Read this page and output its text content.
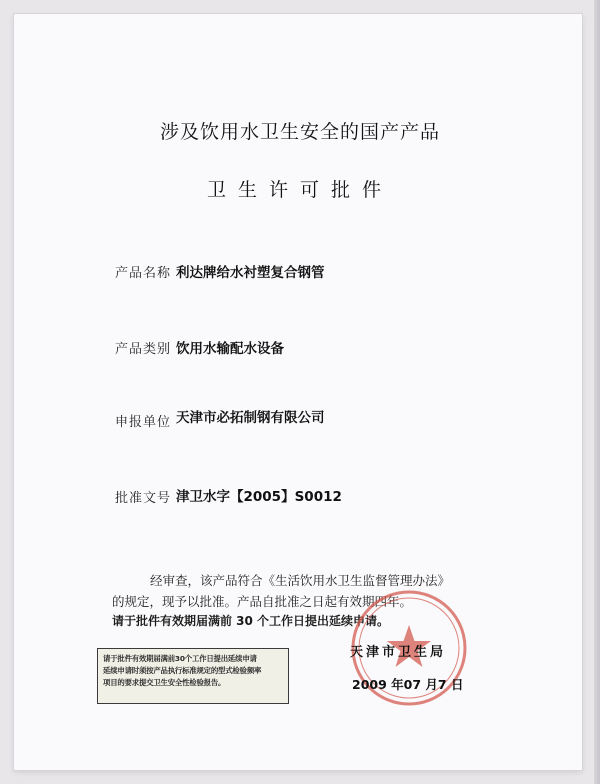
涉及饮用水卫生安全的国产产品
卫生许可批件
产品名称 利达牌给水衬塑复合钢管
产品类别 饮用水输配水设备
申报单位 天津市必拓制钢有限公司
批准文号 津卫水字【2005】S0012
经审查，该产品符合《生活饮用水卫生监督管理办法》
的规定，现予以批准。产品自批准之日起有效期四年。
请于批件有效期届满前 30 个工作日提出延续申请。
天津市卫生局
2009 年07 月7 日
请于批件有效期届满前30个工作日提出延续申请
延续申请时须按产品执行标准规定的型式检验频率
项目的要求提交卫生安全性检验报告。
